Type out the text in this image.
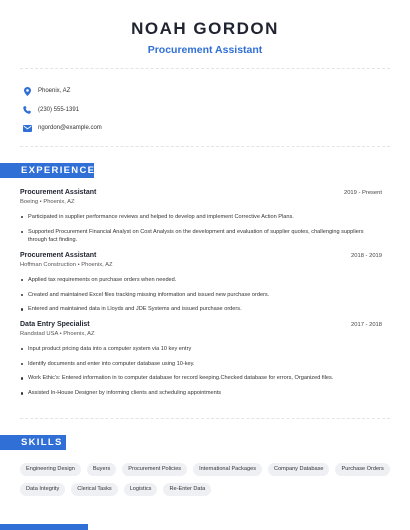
NOAH GORDON
Procurement Assistant
Phoenix, AZ
(230) 555-1391
ngordon@example.com
EXPERIENCE
Procurement Assistant	2019 - Present
Boeing • Phoenix, AZ
Participated in supplier performance reviews and helped to develop and implement Corrective Action Plans.
Supported Procurement Financial Analyst on Cost Analysis on the development and evaluation of supplier quotes, challenging suppliers through fact finding.
Procurement Assistant	2018 - 2019
Hoffman Construction • Phoenix, AZ
Applied tax requirements on purchase orders when needed.
Created and maintained Excel files tracking missing information and issued new purchase orders.
Entered and maintained data in Lloyds and JDE Systems and issued purchase orders.
Data Entry Specialist	2017 - 2018
Randstad USA • Phoenix, AZ
Input product pricing data into a computer system via 10 key entry
Identify documents and enter into computer database using 10-key.
Work Ethic's: Entered information in to computer database for record keeping.Checked database for errors, Organized files.
Assisted In-House Designer by informing clients and scheduling appointments
SKILLS
Engineering Design	Buyers	Procurement Policies	International Packages	Company Database	Purchase Orders
Data Integrity	Clerical Tasks	Logistics	Re-Enter Data
